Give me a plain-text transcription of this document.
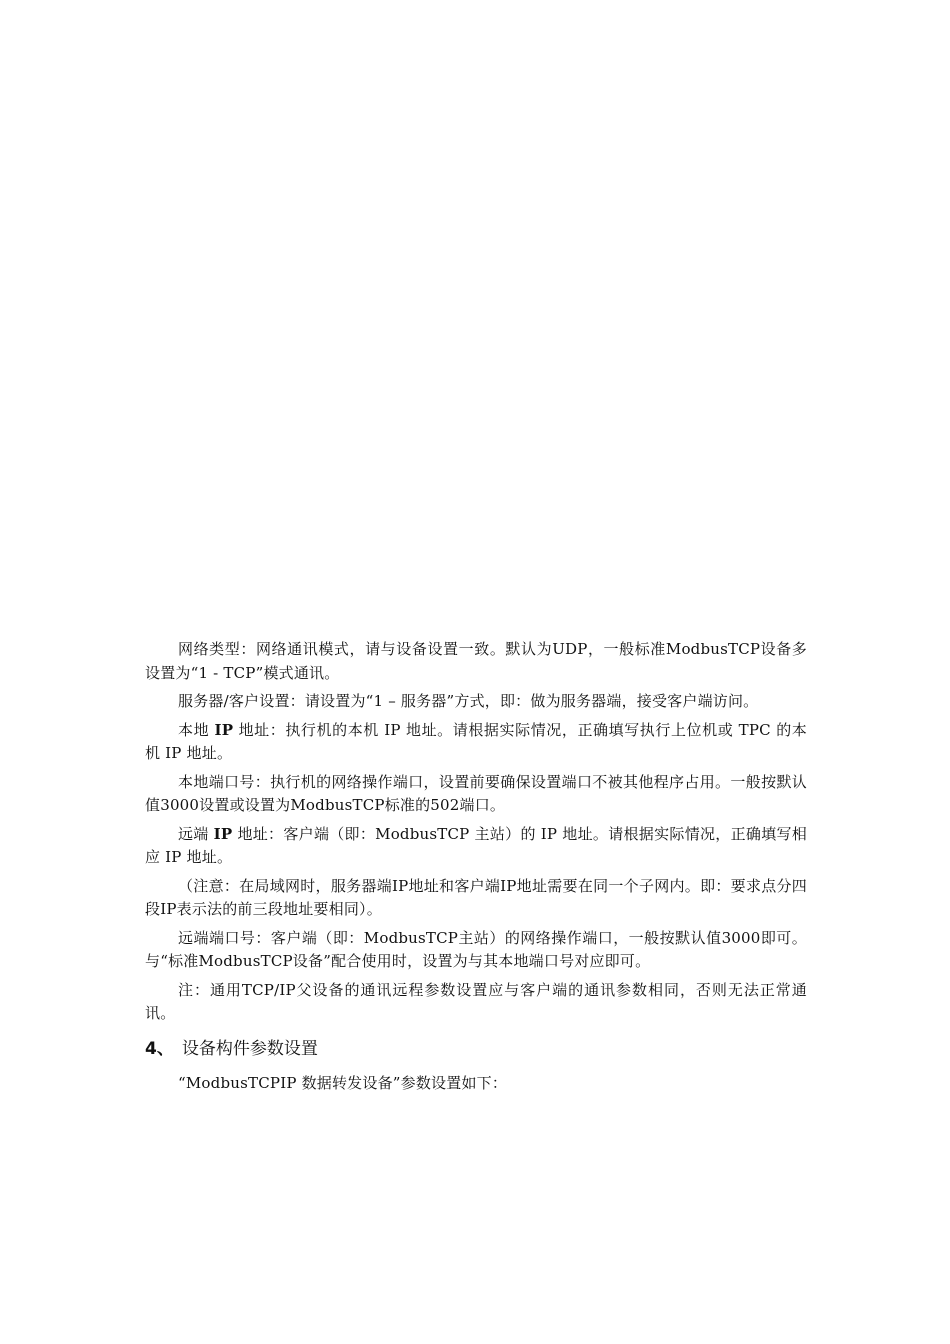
网络类型：网络通讯模式，请与设备设置一致。默认为UDP，一般标准ModbusTCP设备多设置为“1 - TCP”模式通讯。

服务器/客户设置：请设置为“1 – 服务器”方式，即：做为服务器端，接受客户端访问。

本地 IP 地址：执行机的本机 IP 地址。请根据实际情况，正确填写执行上位机或 TPC 的本机 IP 地址。

本地端口号：执行机的网络操作端口，设置前要确保设置端口不被其他程序占用。一般按默认值3000设置或设置为ModbusTCP标准的502端口。

远端 IP 地址：客户端（即：ModbusTCP 主站）的 IP 地址。请根据实际情况，正确填写相应 IP 地址。

（注意：在局域网时，服务器端IP地址和客户端IP地址需要在同一个子网内。即：要求点分四段IP表示法的前三段地址要相同）。

远端端口号：客户端（即：ModbusTCP主站）的网络操作端口，一般按默认值3000即可。与“标准ModbusTCP设备”配合使用时，设置为与其本地端口号对应即可。

注：通用TCP/IP父设备的通讯远程参数设置应与客户端的通讯参数相同，否则无法正常通讯。

4、 设备构件参数设置

“ModbusTCPIP 数据转发设备”参数设置如下：
